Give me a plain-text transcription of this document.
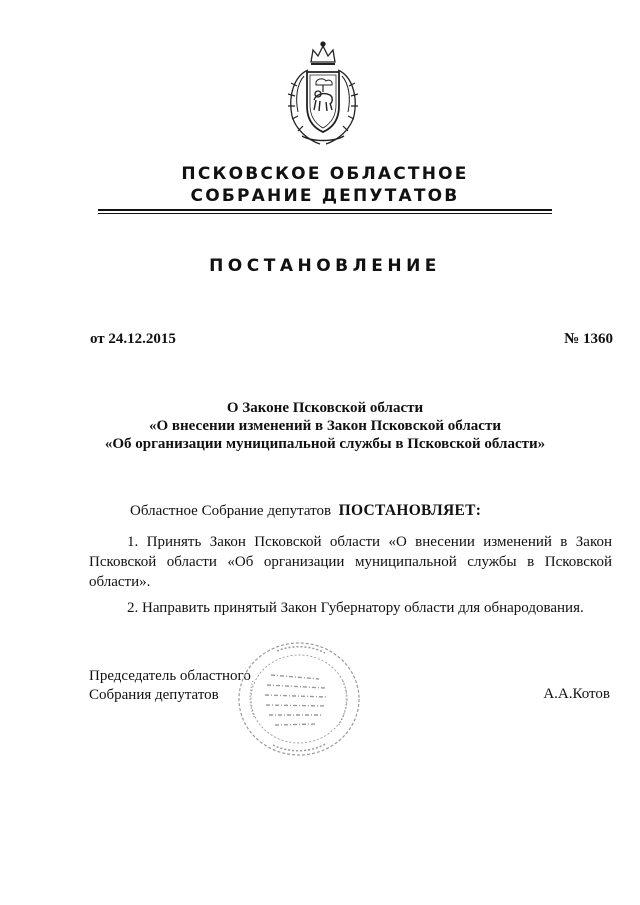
ПСКОВСКОЕ ОБЛАСТНОЕ
СОБРАНИЕ ДЕПУТАТОВ
ПОСТАНОВЛЕНИЕ
от 24.12.2015	№ 1360
О Законе Псковской области
«О внесении изменений в Закон Псковской области
«Об организации муниципальной службы в Псковской области»
Областное Собрание депутатов ПОСТАНОВЛЯЕТ:
1. Принять Закон Псковской области «О внесении изменений в Закон Псковской области «Об организации муниципальной службы в Псковской области».
2. Направить принятый Закон Губернатору области для обнародования.
Председатель областного
Собрания депутатов	А.А.Котов
